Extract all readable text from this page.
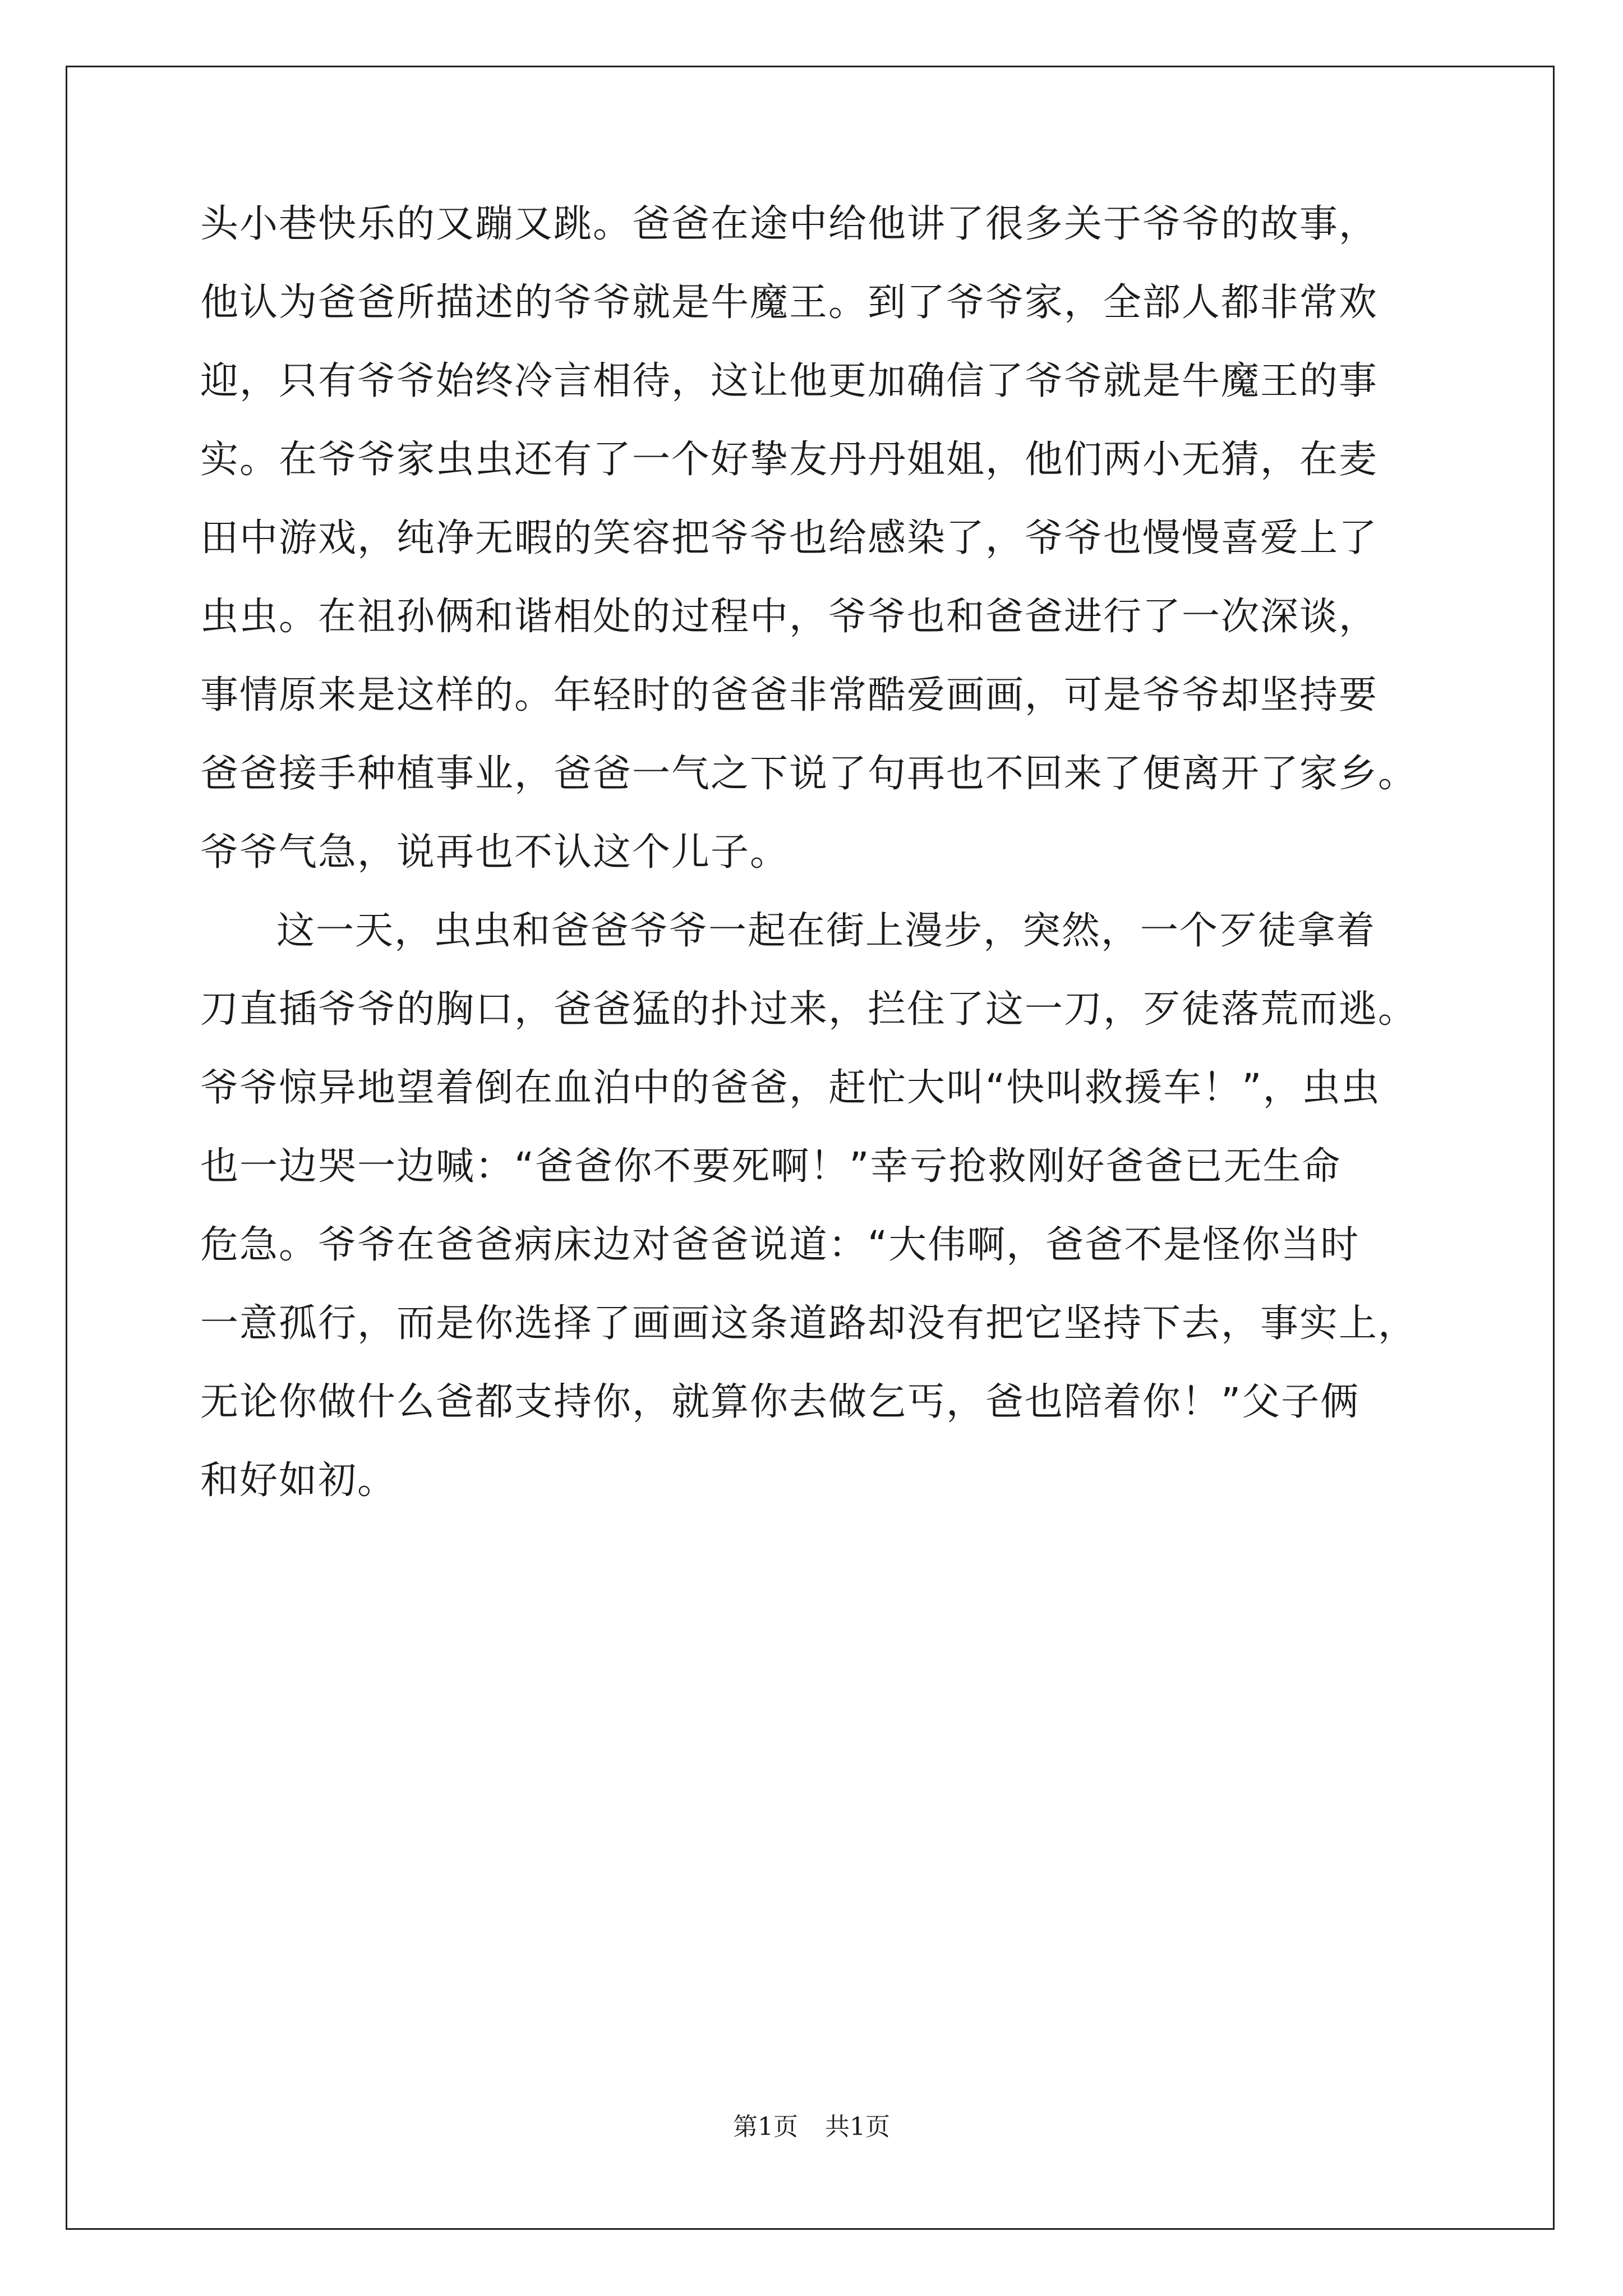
头小巷快乐的又蹦又跳。爸爸在途中给他讲了很多关于爷爷的故事，
他认为爸爸所描述的爷爷就是牛魔王。到了爷爷家，全部人都非常欢
迎，只有爷爷始终冷言相待，这让他更加确信了爷爷就是牛魔王的事
实。在爷爷家虫虫还有了一个好挚友丹丹姐姐，他们两小无猜，在麦
田中游戏，纯净无暇的笑容把爷爷也给感染了，爷爷也慢慢喜爱上了
虫虫。在祖孙俩和谐相处的过程中，爷爷也和爸爸进行了一次深谈，
事情原来是这样的。年轻时的爸爸非常酷爱画画，可是爷爷却坚持要
爸爸接手种植事业，爸爸一气之下说了句再也不回来了便离开了家乡。
爷爷气急，说再也不认这个儿子。
这一天，虫虫和爸爸爷爷一起在街上漫步，突然，一个歹徒拿着
刀直插爷爷的胸口，爸爸猛的扑过来，拦住了这一刀，歹徒落荒而逃。
爷爷惊异地望着倒在血泊中的爸爸，赶忙大叫“快叫救援车！”，虫虫
也一边哭一边喊：“爸爸你不要死啊！”幸亏抢救刚好爸爸已无生命
危急。爷爷在爸爸病床边对爸爸说道：“大伟啊，爸爸不是怪你当时
一意孤行，而是你选择了画画这条道路却没有把它坚持下去，事实上，
无论你做什么爸都支持你，就算你去做乞丐，爸也陪着你！”父子俩
和好如初。
第1页 共1页
